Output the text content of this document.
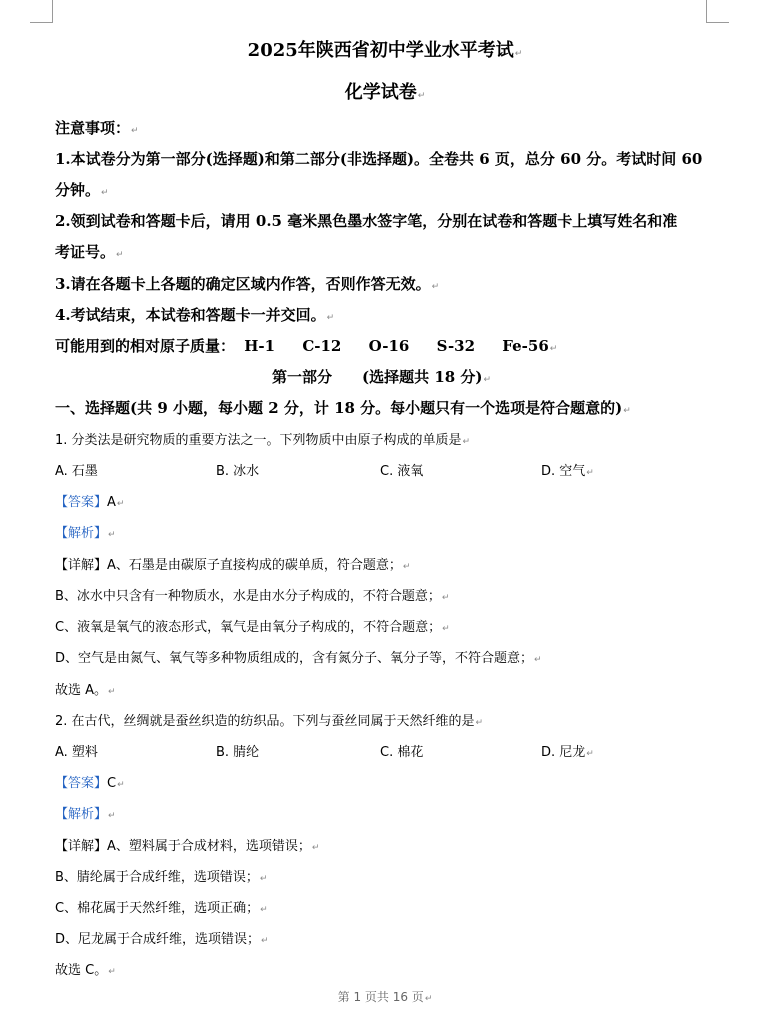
2025年陕西省初中学业水平考试↵
化学试卷↵
注意事项：↵
1.本试卷分为第一部分(选择题)和第二部分(非选择题)。全卷共 6 页，总分 60 分。考试时间 60
分钟。↵
2.领到试卷和答题卡后，请用 0.5 毫米黑色墨水签字笔，分别在试卷和答题卡上填写姓名和准
考证号。↵
3.请在各题卡上各题的确定区域内作答，否则作答无效。↵
4.考试结束，本试卷和答题卡一并交回。↵
可能用到的相对原子质量： H-1 C-12 O-16 S-32 Fe-56↵
第一部分 (选择题共 18 分)↵
一、选择题(共 9 小题，每小题 2 分，计 18 分。每小题只有一个选项是符合题意的)↵
1. 分类法是研究物质的重要方法之一。下列物质中由原子构成的单质是↵
A. 石墨	B. 冰水	C. 液氧	D. 空气↵
【答案】A↵
【解析】↵
【详解】A、石墨是由碳原子直接构成的碳单质，符合题意；↵
B、冰水中只含有一种物质水，水是由水分子构成的，不符合题意；↵
C、液氧是氧气的液态形式，氧气是由氧分子构成的，不符合题意；↵
D、空气是由氮气、氧气等多种物质组成的，含有氮分子、氧分子等，不符合题意；↵
故选 A。↵
2. 在古代，丝绸就是蚕丝织造的纺织品。下列与蚕丝同属于天然纤维的是↵
A. 塑料	B. 腈纶	C. 棉花	D. 尼龙↵
【答案】C↵
【解析】↵
【详解】A、塑料属于合成材料，选项错误；↵
B、腈纶属于合成纤维，选项错误；↵
C、棉花属于天然纤维，选项正确；↵
D、尼龙属于合成纤维，选项错误；↵
故选 C。↵
第 1 页共 16 页↵
